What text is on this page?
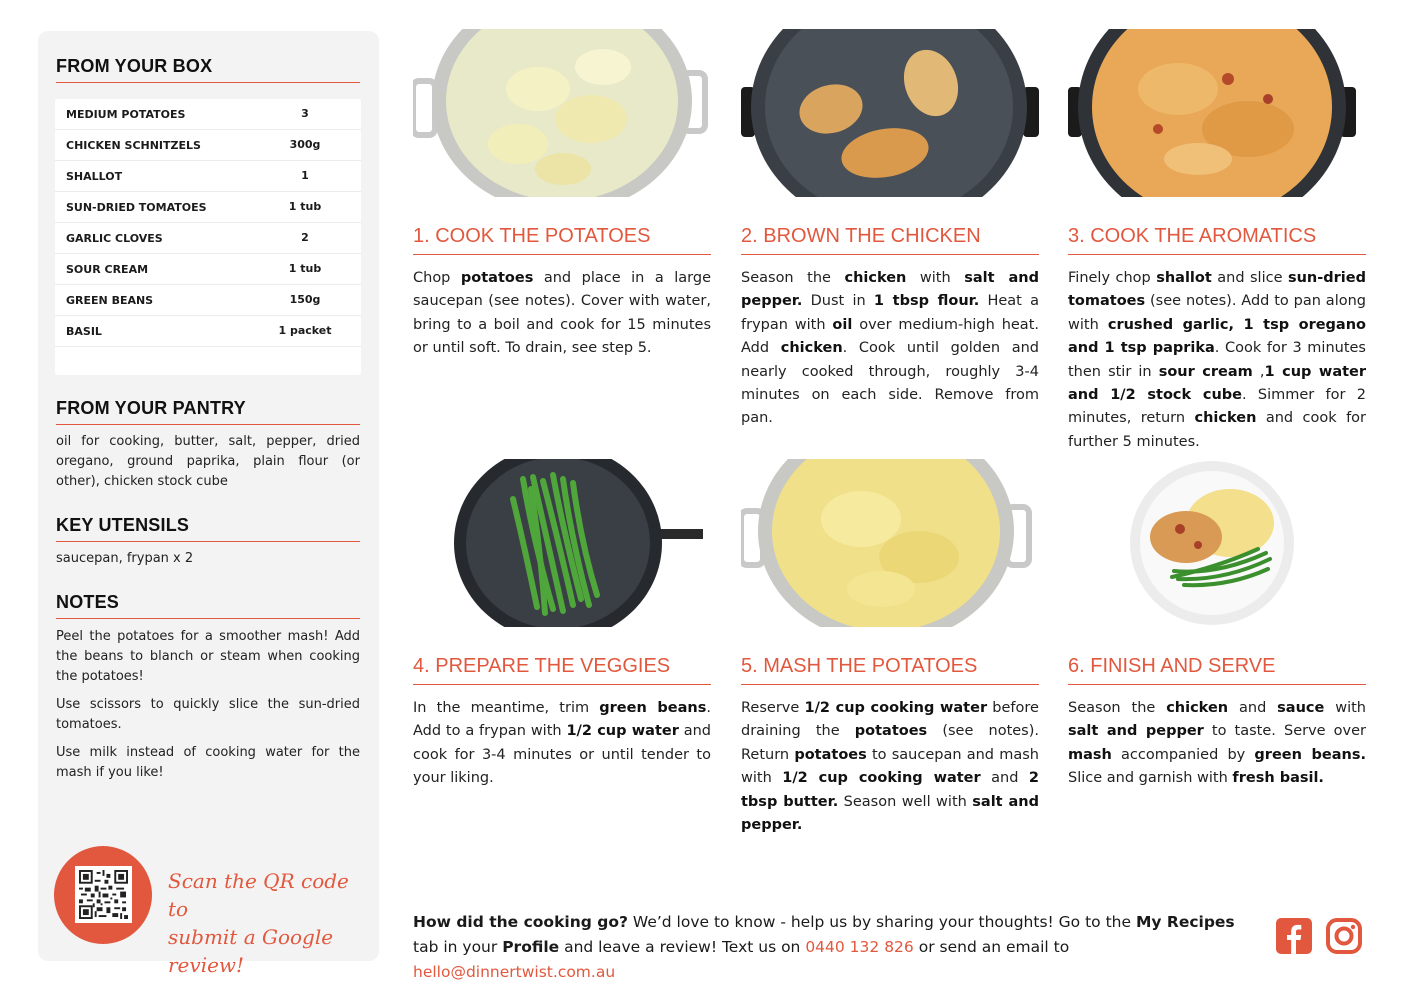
FROM YOUR BOX
MEDIUM POTATOES	3
CHICKEN SCHNITZELS	300g
SHALLOT	1
SUN-DRIED TOMATOES	1 tub
GARLIC CLOVES	2
SOUR CREAM	1 tub
GREEN BEANS	150g
BASIL	1 packet
FROM YOUR PANTRY
oil for cooking, butter, salt, pepper, dried oregano, ground paprika, plain flour (or other), chicken stock cube
KEY UTENSILS
saucepan, frypan x 2
NOTES
Peel the potatoes for a smoother mash! Add the beans to blanch or steam when cooking the potatoes!
Use scissors to quickly slice the sun-dried tomatoes.
Use milk instead of cooking water for the mash if you like!
Scan the QR code to
submit a Google review!
1. COOK THE POTATOES
Chop potatoes and place in a large saucepan (see notes). Cover with water, bring to a boil and cook for 15 minutes or until soft. To drain, see step 5.
2. BROWN THE CHICKEN
Season the chicken with salt and pepper. Dust in 1 tbsp flour. Heat a frypan with oil over medium-high heat. Add chicken. Cook until golden and nearly cooked through, roughly 3-4 minutes on each side. Remove from pan.
3. COOK THE AROMATICS
Finely chop shallot and slice sun-dried tomatoes (see notes). Add to pan along with crushed garlic, 1 tsp oregano and 1 tsp paprika. Cook for 3 minutes then stir in sour cream ,1 cup water and 1/2 stock cube. Simmer for 2 minutes, return chicken and cook for further 5 minutes.
4. PREPARE THE VEGGIES
In the meantime, trim green beans. Add to a frypan with 1/2 cup water and cook for 3-4 minutes or until tender to your liking.
5. MASH THE POTATOES
Reserve 1/2 cup cooking water before draining the potatoes (see notes). Return potatoes to saucepan and mash with 1/2 cup cooking water and 2 tbsp butter. Season well with salt and pepper.
6. FINISH AND SERVE
Season the chicken and sauce with salt and pepper to taste. Serve over mash accompanied by green beans. Slice and garnish with fresh basil.
How did the cooking go? We’d love to know - help us by sharing your thoughts! Go to the My Recipes tab in your Profile and leave a review! Text us on 0440 132 826 or send an email to hello@dinnertwist.com.au
